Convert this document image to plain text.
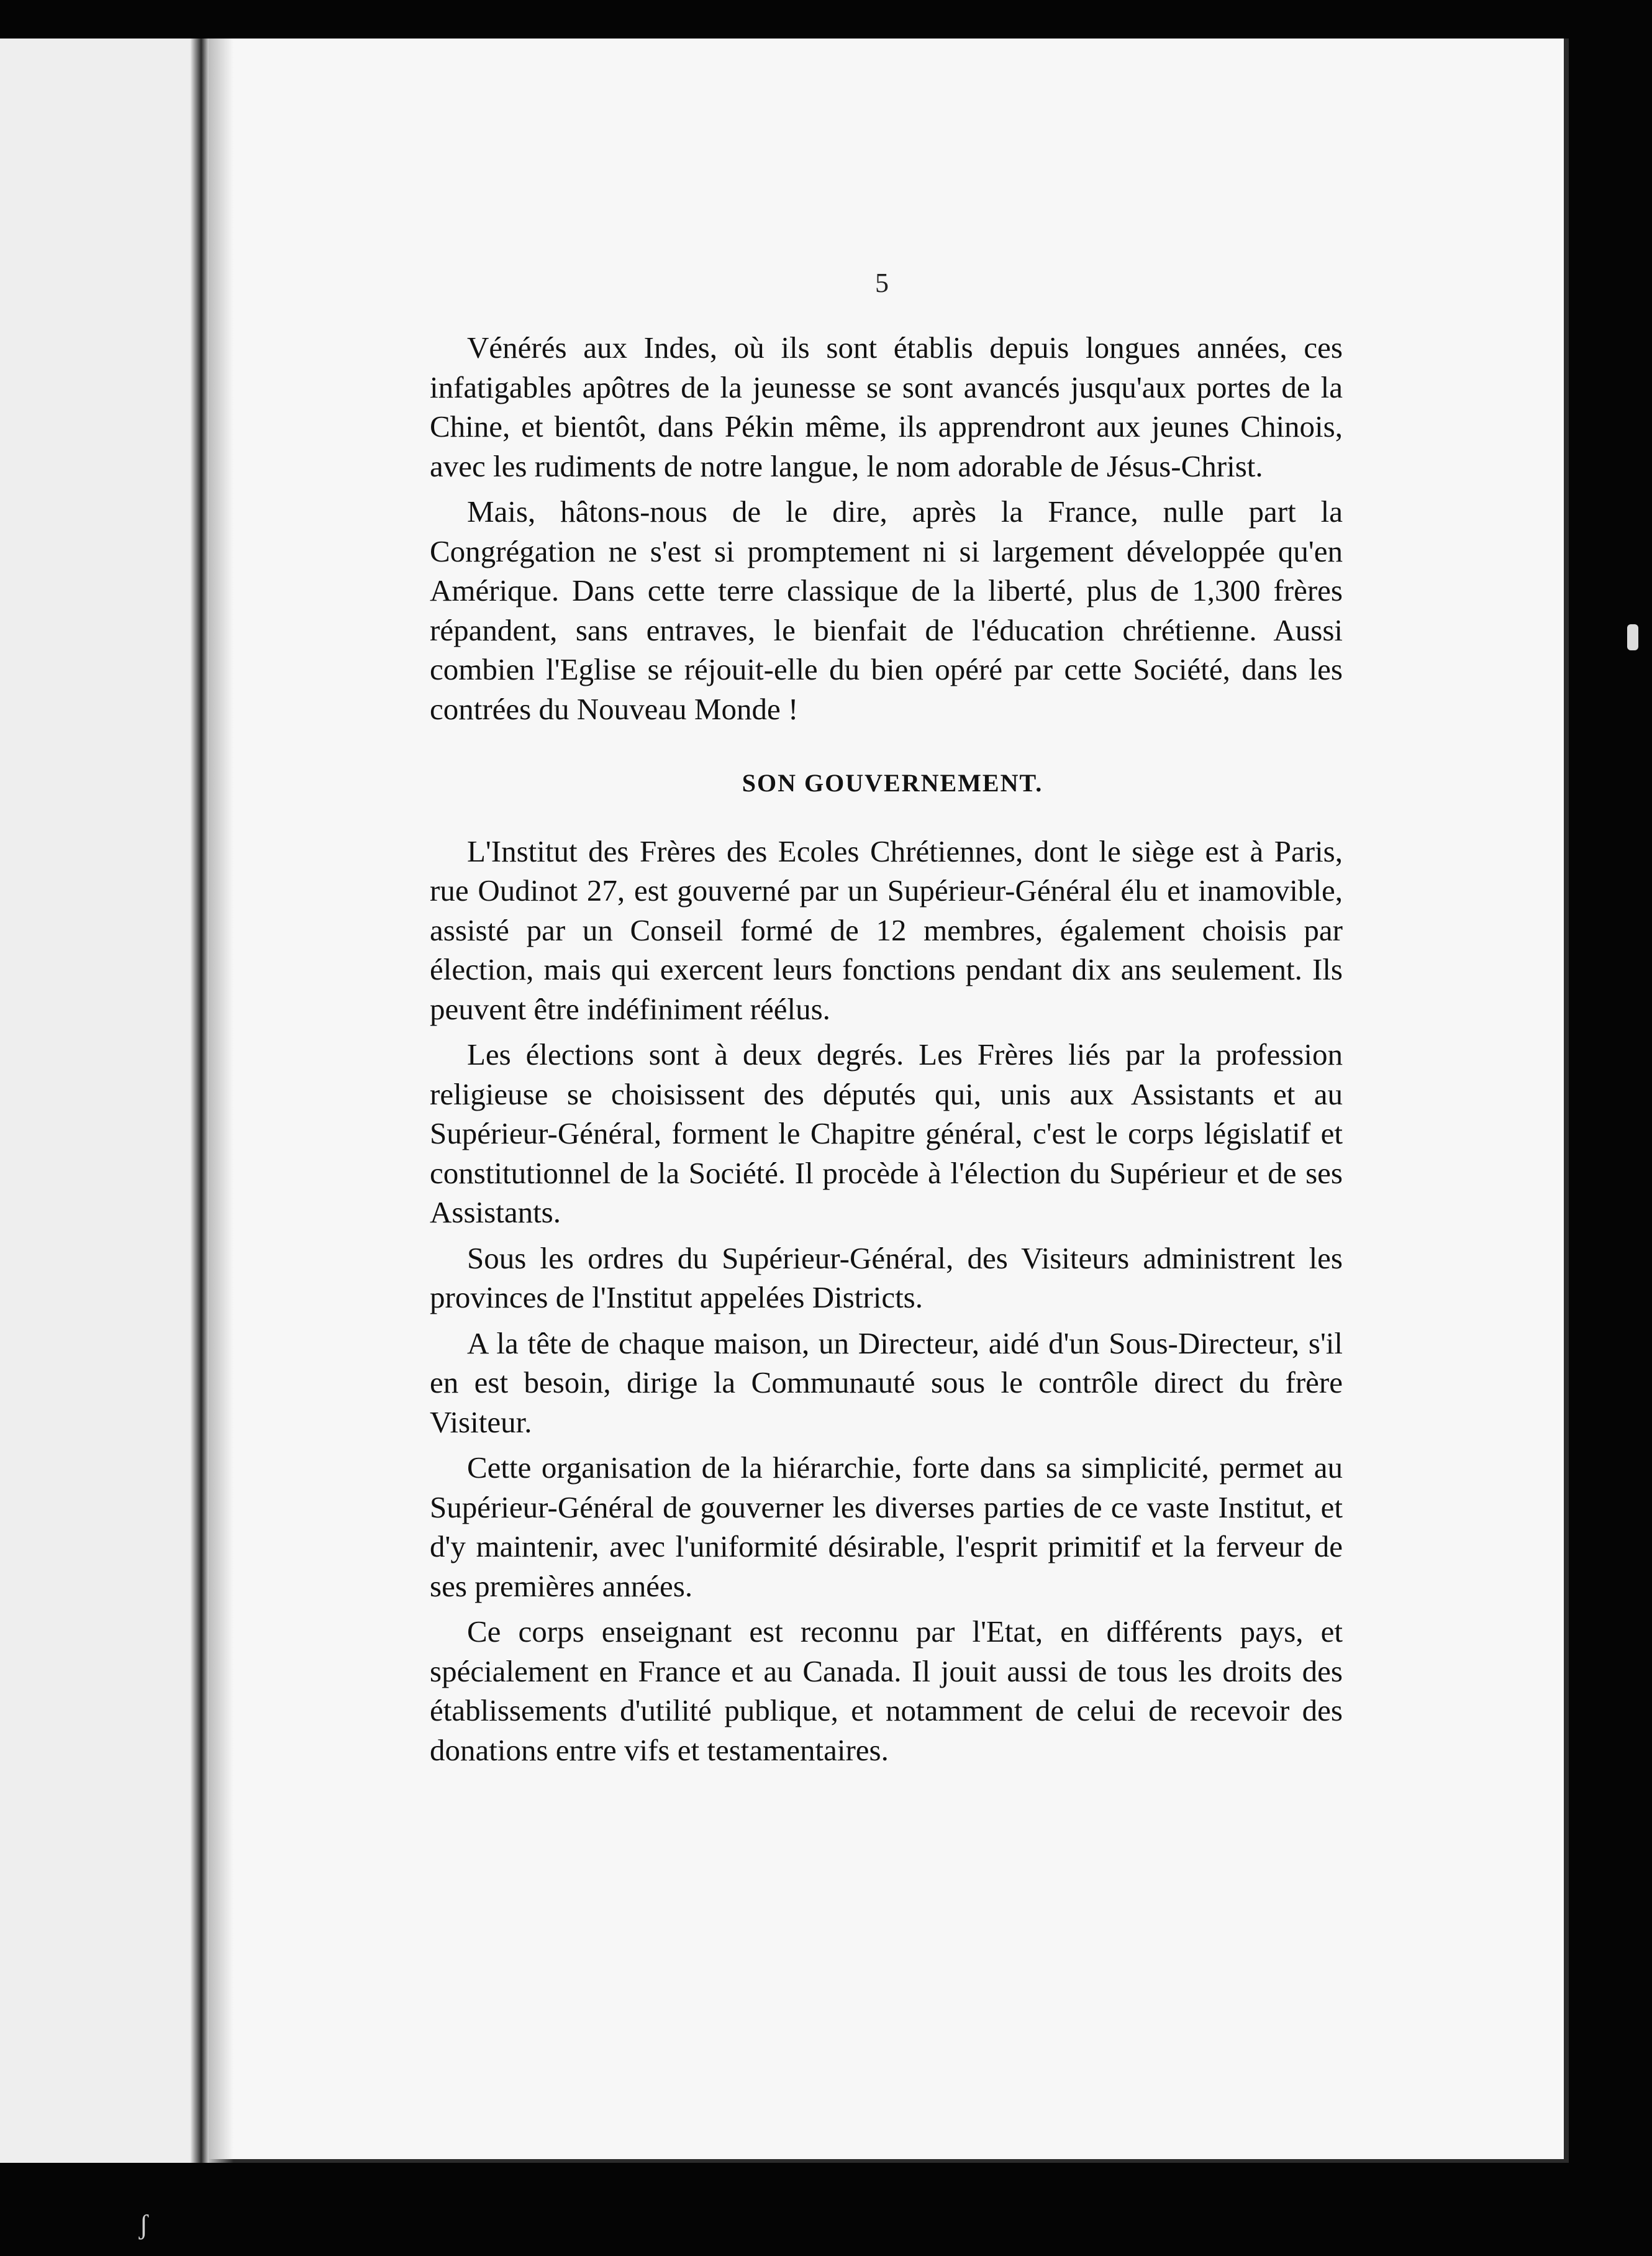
ʃ
5

Vénérés aux Indes, où ils sont établis depuis longues années, ces infatigables apôtres de la jeunesse se sont avancés jusqu'aux portes de la Chine, et bientôt, dans Pékin même, ils apprendront aux jeunes Chinois, avec les rudiments de notre langue, le nom adorable de Jésus-Christ.

Mais, hâtons-nous de le dire, après la France, nulle part la Congrégation ne s'est si promptement ni si largement développée qu'en Amérique. Dans cette terre classique de la liberté, plus de 1,300 frères répandent, sans entraves, le bienfait de l'éducation chrétienne. Aussi combien l'Eglise se réjouit-elle du bien opéré par cette Société, dans les contrées du Nouveau Monde !

SON GOUVERNEMENT.

L'Institut des Frères des Ecoles Chrétiennes, dont le siège est à Paris, rue Oudinot 27, est gouverné par un Supérieur-Général élu et inamovible, assisté par un Conseil formé de 12 membres, également choisis par élection, mais qui exercent leurs fonctions pendant dix ans seulement. Ils peuvent être indéfiniment réélus.

Les élections sont à deux degrés. Les Frères liés par la profession religieuse se choisissent des députés qui, unis aux Assistants et au Supérieur-Général, forment le Chapitre général, c'est le corps législatif et constitutionnel de la Société. Il procède à l'élection du Supérieur et de ses Assistants.

Sous les ordres du Supérieur-Général, des Visiteurs administrent les provinces de l'Institut appelées Districts.

A la tête de chaque maison, un Directeur, aidé d'un Sous-Directeur, s'il en est besoin, dirige la Communauté sous le contrôle direct du frère Visiteur.

Cette organisation de la hiérarchie, forte dans sa simplicité, permet au Supérieur-Général de gouverner les diverses parties de ce vaste Institut, et d'y maintenir, avec l'uniformité désirable, l'esprit primitif et la ferveur de ses premières années.

Ce corps enseignant est reconnu par l'Etat, en différents pays, et spécialement en France et au Canada. Il jouit aussi de tous les droits des établissements d'utilité publique, et notamment de celui de recevoir des donations entre vifs et testamentaires.
